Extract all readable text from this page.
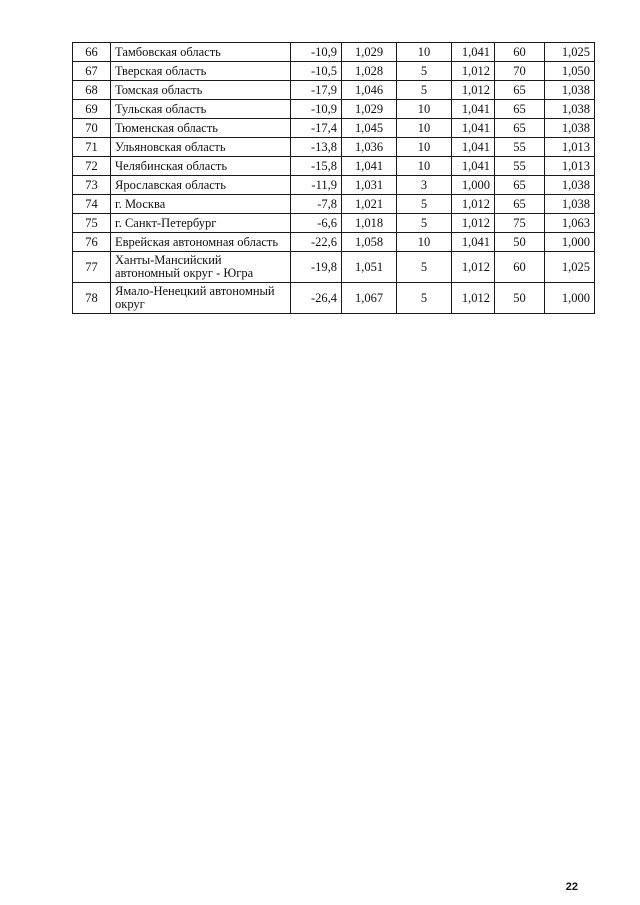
66	Тамбовская область	-10,9	1,029	10	1,041	60	1,025
67	Тверская область	-10,5	1,028	5	1,012	70	1,050
68	Томская область	-17,9	1,046	5	1,012	65	1,038
69	Тульская область	-10,9	1,029	10	1,041	65	1,038
70	Тюменская область	-17,4	1,045	10	1,041	65	1,038
71	Ульяновская область	-13,8	1,036	10	1,041	55	1,013
72	Челябинская область	-15,8	1,041	10	1,041	55	1,013
73	Ярославская область	-11,9	1,031	3	1,000	65	1,038
74	г. Москва	-7,8	1,021	5	1,012	65	1,038
75	г. Санкт-Петербург	-6,6	1,018	5	1,012	75	1,063
76	Еврейская автономная область	-22,6	1,058	10	1,041	50	1,000
77	Ханты-Мансийский автономный округ - Югра	-19,8	1,051	5	1,012	60	1,025
78	Ямало-Ненецкий автономный округ	-26,4	1,067	5	1,012	50	1,000
22
